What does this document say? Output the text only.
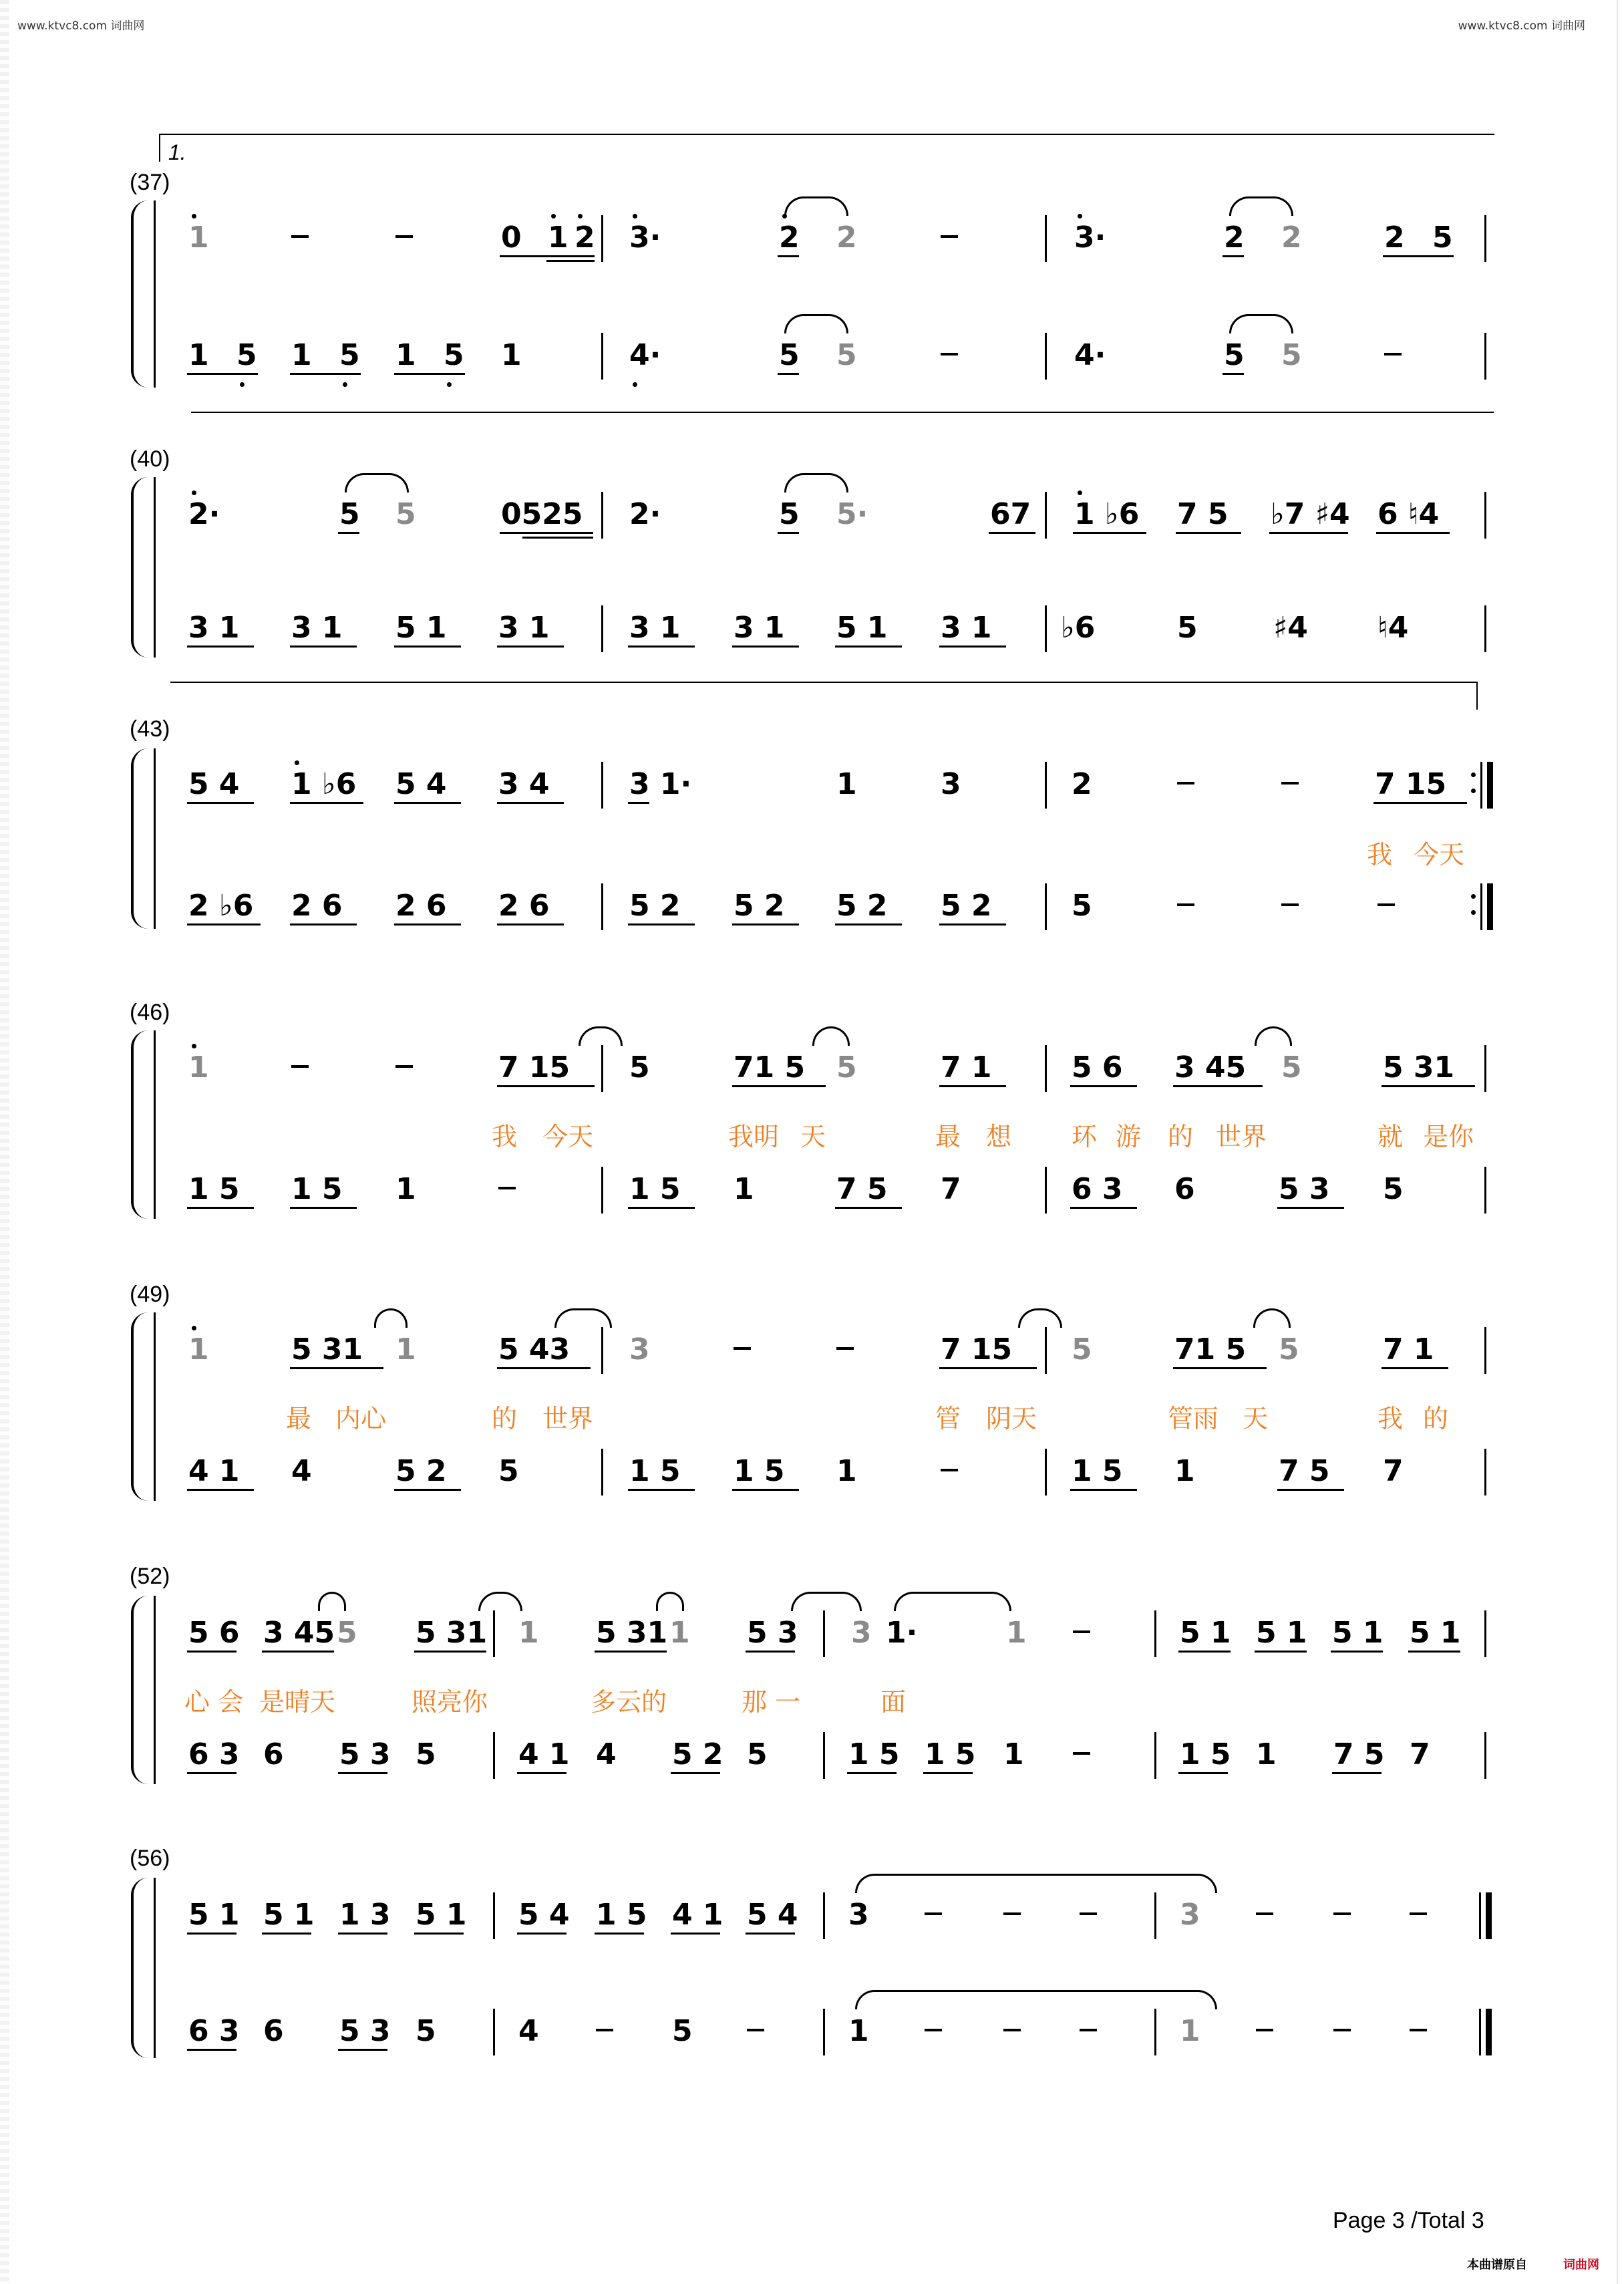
www.ktvc8.com 词曲网	www.ktvc8.com 词曲网
1.
(37)
1	0 1 2 3·	2 2	3·	2 2	2 5
1 5 1 5 1 5 1	4·	5 5	4·	5 5
(40)
2·	5 5	0525 2·	5 5·	67 1 ♭6 7 5 ♭7 ♯4 6 ♮4
3 1 3 1 5 1 3 1	3 1 3 1 5 1 3 1 ♭6	5	♯4 ♮4
(43)
5 4 1 ♭6 5 4 3 4	3 1·	1	3	2	7 15
我 今天
2 ♭6 2 6 2 6 2 6	5 2 5 2 5 2 5 2	5
(46)
1	7 15 5	71 5 5	7 1	5 6 3 45 5	5 31
我 今天	我明 天	最 想 环 游 的 世界	就 是你
1 5 1 5 1	1 5 1	7 5 7	6 3 6	5 3 5
(49)
1	5 31 1	5 43 3	7 15 5	71 5 5	7 1
最 内心	的 世界	管 阴天	管雨 天	我 的
4 1 4	5 2 5	1 5 1 5 1	1 5 1	7 5 7
(52)
5 6 3 45 5 5 31 1 5 31 1 5 3 3 1·	1	5 1 5 1 5 1 5 1
心 会 是晴天	照亮你	多云的	那 一	面
6 3 6 5 3 5	4 1 4 5 2 5	1 5 1 5 1	1 5 1 7 5 7
(56)
5 1 5 1 1 3 5 1 5 4 1 5 4 1 5 4 3	3
6 3 6 5 3 5	4	5	1	1
Page 3 /Total 3
本曲谱原自	词曲网
